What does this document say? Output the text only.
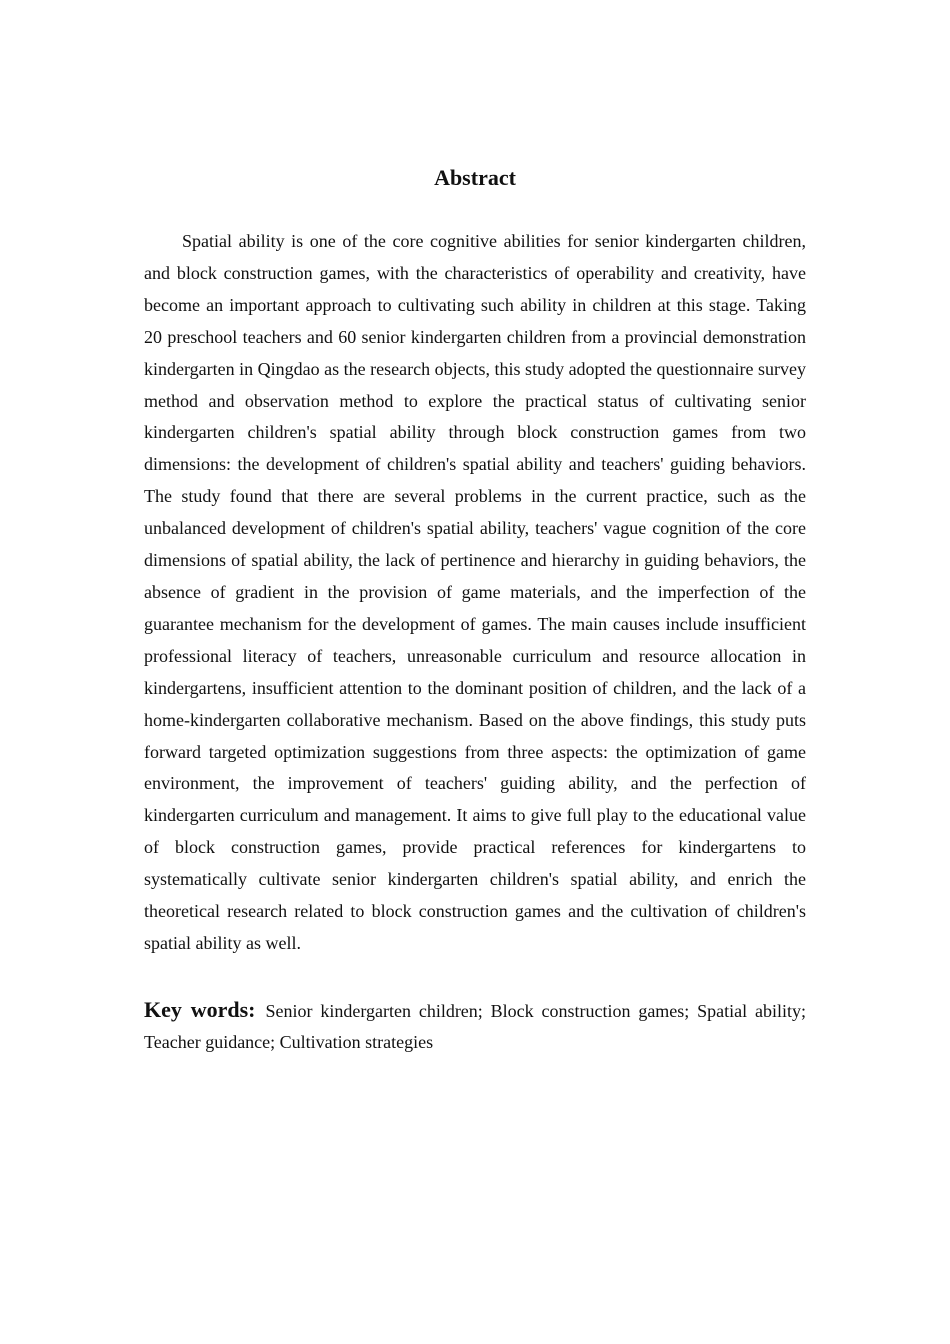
Abstract

Spatial ability is one of the core cognitive abilities for senior kindergarten children, and block construction games, with the characteristics of operability and creativity, have become an important approach to cultivating such ability in children at this stage. Taking 20 preschool teachers and 60 senior kindergarten children from a provincial demonstration kindergarten in Qingdao as the research objects, this study adopted the questionnaire survey method and observation method to explore the practical status of cultivating senior kindergarten children's spatial ability through block construction games from two dimensions: the development of children's spatial ability and teachers' guiding behaviors. The study found that there are several problems in the current practice, such as the unbalanced development of children's spatial ability, teachers' vague cognition of the core dimensions of spatial ability, the lack of pertinence and hierarchy in guiding behaviors, the absence of gradient in the provision of game materials, and the imperfection of the guarantee mechanism for the development of games. The main causes include insufficient professional literacy of teachers, unreasonable curriculum and resource allocation in kindergartens, insufficient attention to the dominant position of children, and the lack of a home-kindergarten collaborative mechanism. Based on the above findings, this study puts forward targeted optimization suggestions from three aspects: the optimization of game environment, the improvement of teachers' guiding ability, and the perfection of kindergarten curriculum and management. It aims to give full play to the educational value of block construction games, provide practical references for kindergartens to systematically cultivate senior kindergarten children's spatial ability, and enrich the theoretical research related to block construction games and the cultivation of children's spatial ability as well.

Key words: Senior kindergarten children; Block construction games; Spatial ability; Teacher guidance; Cultivation strategies
